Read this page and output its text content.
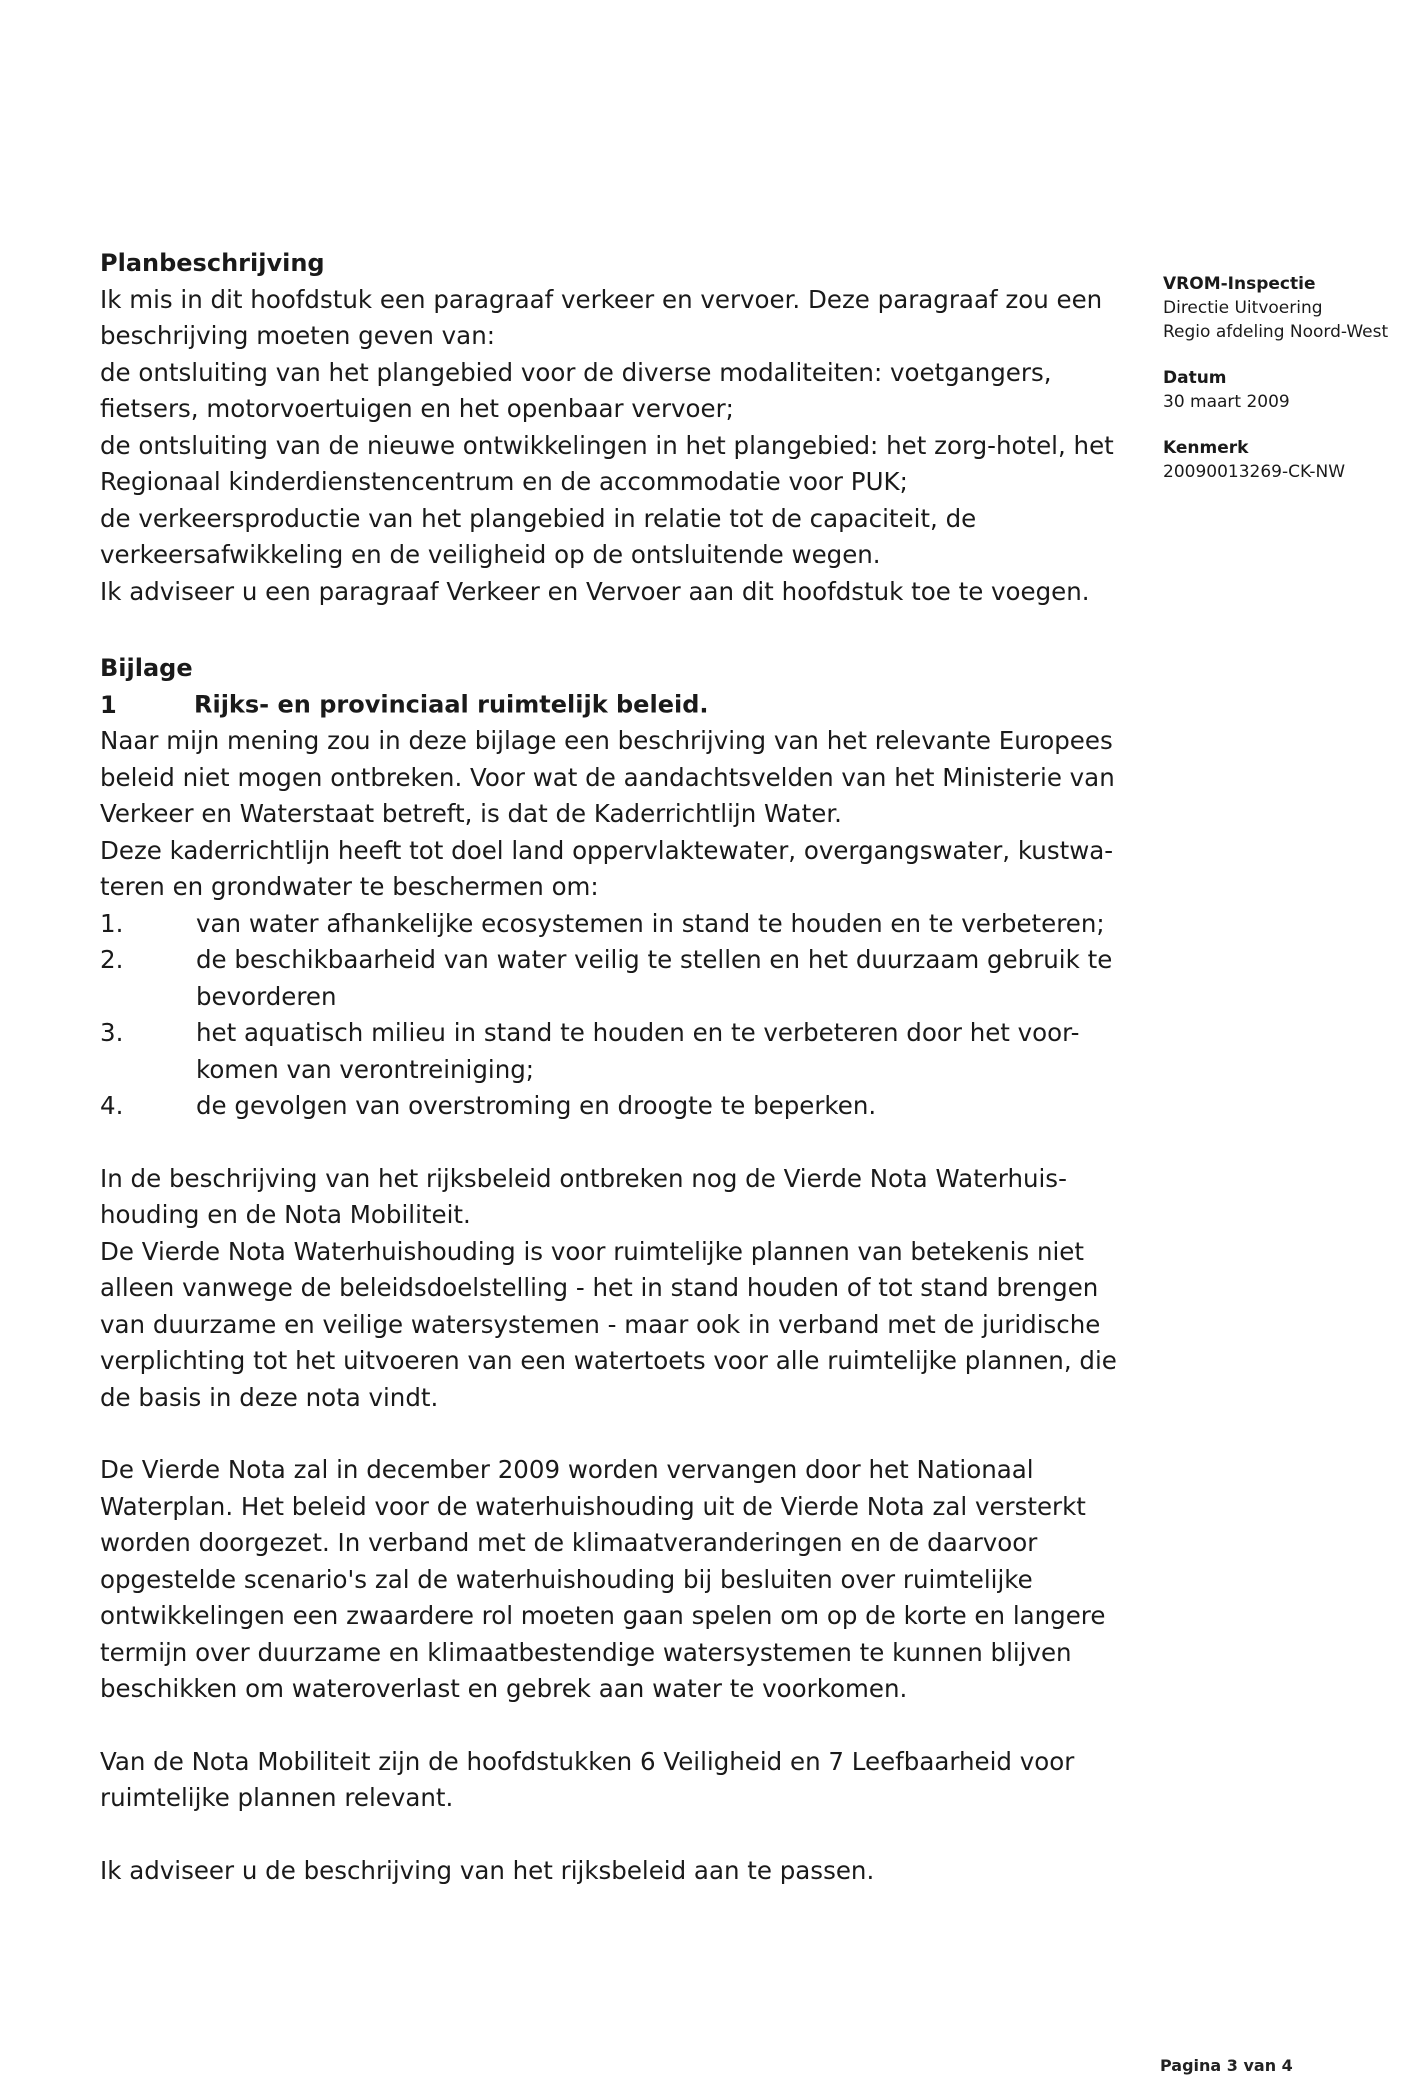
Planbeschrijving

Ik mis in dit hoofdstuk een paragraaf verkeer en vervoer. Deze paragraaf zou een beschrijving moeten geven van:

de ontsluiting van het plangebied voor de diverse modaliteiten: voetgangers, fietsers, motorvoertuigen en het openbaar vervoer;

de ontsluiting van de nieuwe ontwikkelingen in het plangebied: het zorg-hotel, het Regionaal kinderdienstencentrum en de accommodatie voor PUK;

de verkeersproductie van het plangebied in relatie tot de capaciteit, de verkeersafwikkeling en de veiligheid op de ontsluitende wegen.

Ik adviseer u een paragraaf Verkeer en Vervoer aan dit hoofdstuk toe te voegen.

Bijlage 1	Rijks- en provinciaal ruimtelijk beleid.

Naar mijn mening zou in deze bijlage een beschrijving van het relevante Europees beleid niet mogen ontbreken. Voor wat de aandachtsvelden van het Ministerie van Verkeer en Waterstaat betreft, is dat de Kaderrichtlijn Water.

Deze kaderrichtlijn heeft tot doel land oppervlaktewater, overgangswater, kustwa-teren en grondwater te beschermen om:

1.	van water afhankelijke ecosystemen in stand te houden en te verbeteren;
2.	de beschikbaarheid van water veilig te stellen en het duurzaam gebruik te bevorderen
3.	het aquatisch milieu in stand te houden en te verbeteren door het voor-komen van verontreiniging;
4.	de gevolgen van overstroming en droogte te beperken.

In de beschrijving van het rijksbeleid ontbreken nog de Vierde Nota Waterhuis-houding en de Nota Mobiliteit.

De Vierde Nota Waterhuishouding is voor ruimtelijke plannen van betekenis niet alleen vanwege de beleidsdoelstelling - het in stand houden of tot stand brengen van duurzame en veilige watersystemen - maar ook in verband met de juridische verplichting tot het uitvoeren van een watertoets voor alle ruimtelijke plannen, die de basis in deze nota vindt.

De Vierde Nota zal in december 2009 worden vervangen door het Nationaal Waterplan. Het beleid voor de waterhuishouding uit de Vierde Nota zal versterkt worden doorgezet. In verband met de klimaatveranderingen en de daarvoor opgestelde scenario's zal de waterhuishouding bij besluiten over ruimtelijke ontwikkelingen een zwaardere rol moeten gaan spelen om op de korte en langere termijn over duurzame en klimaatbestendige watersystemen te kunnen blijven beschikken om wateroverlast en gebrek aan water te voorkomen.

Van de Nota Mobiliteit zijn de hoofdstukken 6 Veiligheid en 7 Leefbaarheid voor ruimtelijke plannen relevant.

Ik adviseer u de beschrijving van het rijksbeleid aan te passen.

VROM-Inspectie

Directie Uitvoering

Regio afdeling Noord-West

Datum

30 maart 2009

Kenmerk

20090013269-CK-NW

Pagina 3 van 4
